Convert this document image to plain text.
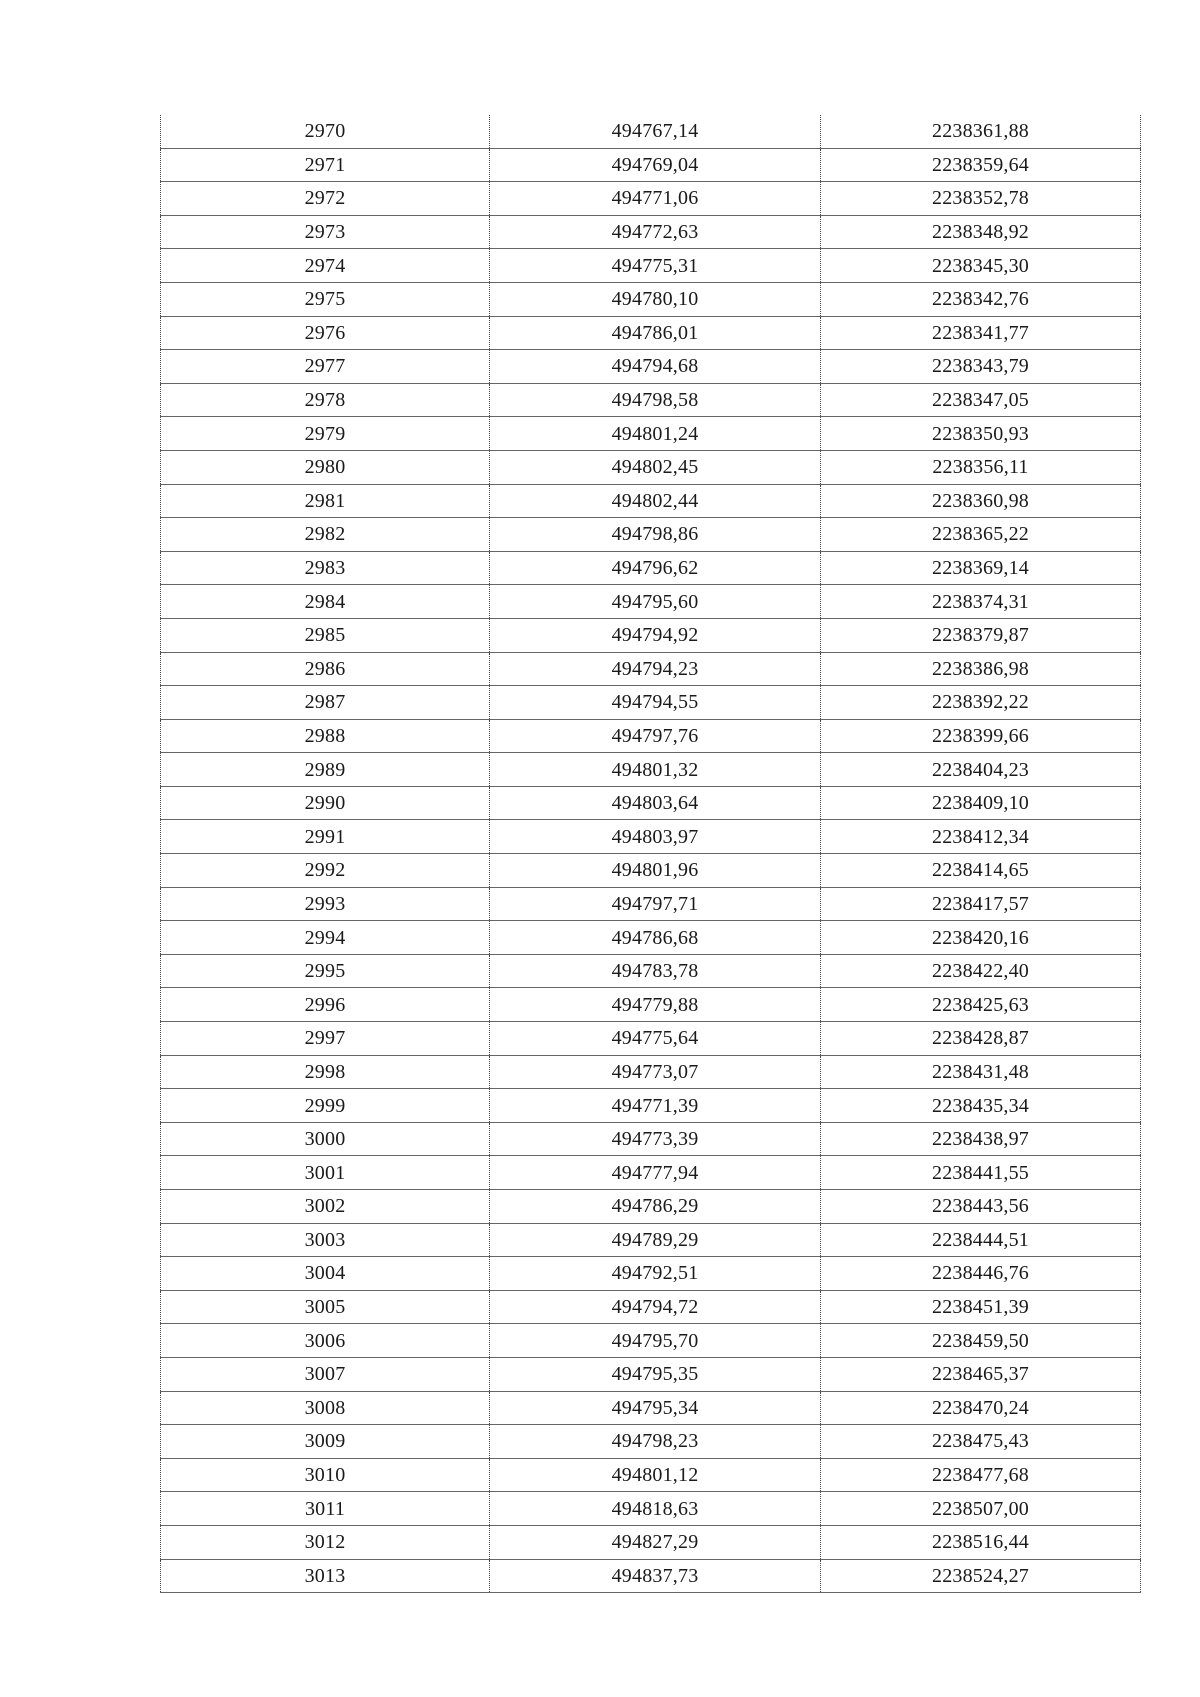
2970	494767,14	2238361,88
2971	494769,04	2238359,64
2972	494771,06	2238352,78
2973	494772,63	2238348,92
2974	494775,31	2238345,30
2975	494780,10	2238342,76
2976	494786,01	2238341,77
2977	494794,68	2238343,79
2978	494798,58	2238347,05
2979	494801,24	2238350,93
2980	494802,45	2238356,11
2981	494802,44	2238360,98
2982	494798,86	2238365,22
2983	494796,62	2238369,14
2984	494795,60	2238374,31
2985	494794,92	2238379,87
2986	494794,23	2238386,98
2987	494794,55	2238392,22
2988	494797,76	2238399,66
2989	494801,32	2238404,23
2990	494803,64	2238409,10
2991	494803,97	2238412,34
2992	494801,96	2238414,65
2993	494797,71	2238417,57
2994	494786,68	2238420,16
2995	494783,78	2238422,40
2996	494779,88	2238425,63
2997	494775,64	2238428,87
2998	494773,07	2238431,48
2999	494771,39	2238435,34
3000	494773,39	2238438,97
3001	494777,94	2238441,55
3002	494786,29	2238443,56
3003	494789,29	2238444,51
3004	494792,51	2238446,76
3005	494794,72	2238451,39
3006	494795,70	2238459,50
3007	494795,35	2238465,37
3008	494795,34	2238470,24
3009	494798,23	2238475,43
3010	494801,12	2238477,68
3011	494818,63	2238507,00
3012	494827,29	2238516,44
3013	494837,73	2238524,27
